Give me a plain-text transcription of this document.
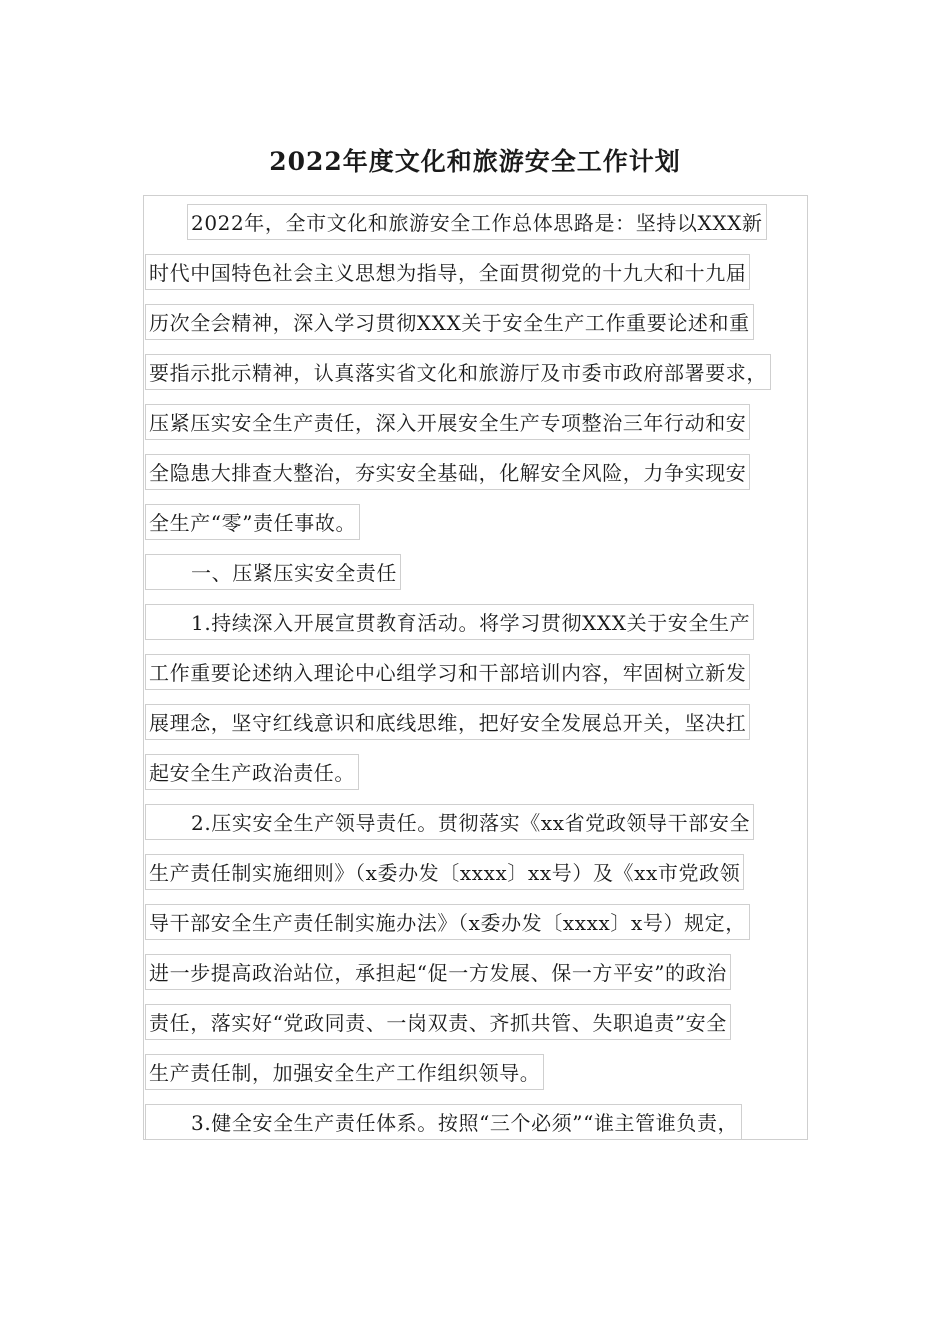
2022年度文化和旅游安全工作计划
2022年，全市文化和旅游安全工作总体思路是：坚持以XXX新
时代中国特色社会主义思想为指导，全面贯彻党的十九大和十九届
历次全会精神，深入学习贯彻XXX关于安全生产工作重要论述和重
要指示批示精神，认真落实省文化和旅游厅及市委市政府部署要求，
压紧压实安全生产责任，深入开展安全生产专项整治三年行动和安
全隐患大排查大整治，夯实安全基础，化解安全风险，力争实现安
全生产“零”责任事故。
一、压紧压实安全责任
1.持续深入开展宣贯教育活动。将学习贯彻XXX关于安全生产
工作重要论述纳入理论中心组学习和干部培训内容，牢固树立新发
展理念，坚守红线意识和底线思维，把好安全发展总开关，坚决扛
起安全生产政治责任。
2.压实安全生产领导责任。贯彻落实《xx省党政领导干部安全
生产责任制实施细则》（x委办发〔xxxx〕xx号）及《xx市党政领
导干部安全生产责任制实施办法》（x委办发〔xxxx〕x号）规定，
进一步提高政治站位，承担起“促一方发展、保一方平安”的政治
责任，落实好“党政同责、一岗双责、齐抓共管、失职追责”安全
生产责任制，加强安全生产工作组织领导。
3.健全安全生产责任体系。按照“三个必须”“谁主管谁负责，
